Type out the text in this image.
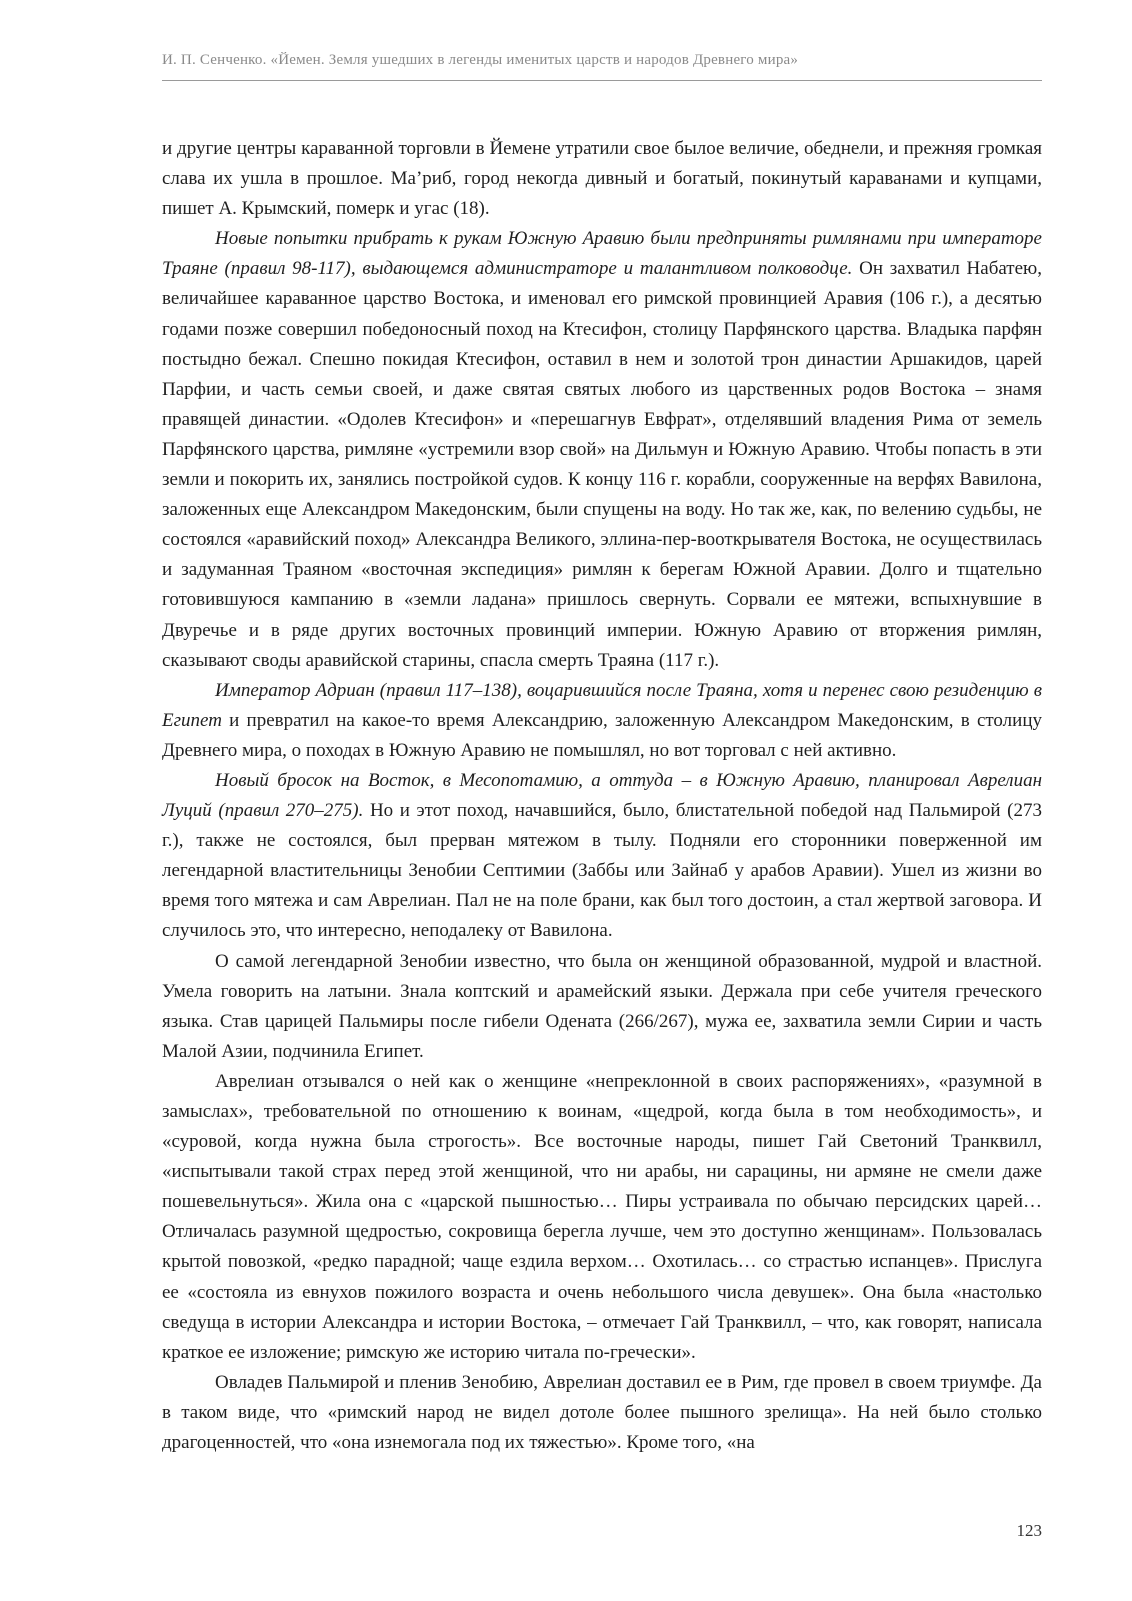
И. П. Сенченко. «Йемен. Земля ушедших в легенды именитых царств и народов Древнего мира»

и другие центры караванной торговли в Йемене утратили свое былое величие, обеднели, и прежняя громкая слава их ушла в прошлое. Ма’риб, город некогда дивный и богатый, покинутый караванами и купцами, пишет А. Крымский, померк и угас (18).

Новые попытки прибрать к рукам Южную Аравию были предприняты римлянами при императоре Траяне (правил 98-117), выдающемся администраторе и талантливом полководце. Он захватил Набатею, величайшее караванное царство Востока, и именовал его римской провинцией Аравия (106 г.), а десятью годами позже совершил победоносный поход на Ктесифон, столицу Парфянского царства. Владыка парфян постыдно бежал. Спешно покидая Ктесифон, оставил в нем и золотой трон династии Аршакидов, царей Парфии, и часть семьи своей, и даже святая святых любого из царственных родов Востока – знамя правящей династии. «Одолев Ктесифон» и «перешагнув Евфрат», отделявший владения Рима от земель Парфянского царства, римляне «устремили взор свой» на Дильмун и Южную Аравию. Чтобы попасть в эти земли и покорить их, занялись постройкой судов. К концу 116 г. корабли, сооруженные на верфях Вавилона, заложенных еще Александром Македонским, были спущены на воду. Но так же, как, по велению судьбы, не состоялся «аравийский поход» Александра Великого, эллина-пер-вооткрывателя Востока, не осуществилась и задуманная Траяном «восточная экспедиция» римлян к берегам Южной Аравии. Долго и тщательно готовившуюся кампанию в «земли ладана» пришлось свернуть. Сорвали ее мятежи, вспыхнувшие в Двуречье и в ряде других восточных провинций империи. Южную Аравию от вторжения римлян, сказывают своды аравийской старины, спасла смерть Траяна (117 г.).

Император Адриан (правил 117–138), воцарившийся после Траяна, хотя и перенес свою резиденцию в Египет и превратил на какое-то время Александрию, заложенную Александром Македонским, в столицу Древнего мира, о походах в Южную Аравию не помышлял, но вот торговал с ней активно.

Новый бросок на Восток, в Месопотамию, а оттуда – в Южную Аравию, планировал Аврелиан Луций (правил 270–275). Но и этот поход, начавшийся, было, блистательной победой над Пальмирой (273 г.), также не состоялся, был прерван мятежом в тылу. Подняли его сторонники поверженной им легендарной властительницы Зенобии Септимии (Заббы или Зайнаб у арабов Аравии). Ушел из жизни во время того мятежа и сам Аврелиан. Пал не на поле брани, как был того достоин, а стал жертвой заговора. И случилось это, что интересно, неподалеку от Вавилона.

О самой легендарной Зенобии известно, что была он женщиной образованной, мудрой и властной. Умела говорить на латыни. Знала коптский и арамейский языки. Держала при себе учителя греческого языка. Став царицей Пальмиры после гибели Одената (266/267), мужа ее, захватила земли Сирии и часть Малой Азии, подчинила Египет.

Аврелиан отзывался о ней как о женщине «непреклонной в своих распоряжениях», «разумной в замыслах», требовательной по отношению к воинам, «щедрой, когда была в том необходимость», и «суровой, когда нужна была строгость». Все восточные народы, пишет Гай Светоний Транквилл, «испытывали такой страх перед этой женщиной, что ни арабы, ни сарацины, ни армяне не смели даже пошевельнуться». Жила она с «царской пышностью… Пиры устраивала по обычаю персидских царей…Отличалась разумной щедростью, сокровища берегла лучше, чем это доступно женщинам». Пользовалась крытой повозкой, «редко парадной; чаще ездила верхом… Охотилась… со страстью испанцев». Прислуга ее «состояла из евнухов пожилого возраста и очень небольшого числа девушек». Она была «настолько сведуща в истории Александра и истории Востока, – отмечает Гай Транквилл, – что, как говорят, написала краткое ее изложение; римскую же историю читала по-гречески».

Овладев Пальмирой и пленив Зенобию, Аврелиан доставил ее в Рим, где провел в своем триумфе. Да в таком виде, что «римский народ не видел дотоле более пышного зрелища». На ней было столько драгоценностей, что «она изнемогала под их тяжестью». Кроме того, «на

123
